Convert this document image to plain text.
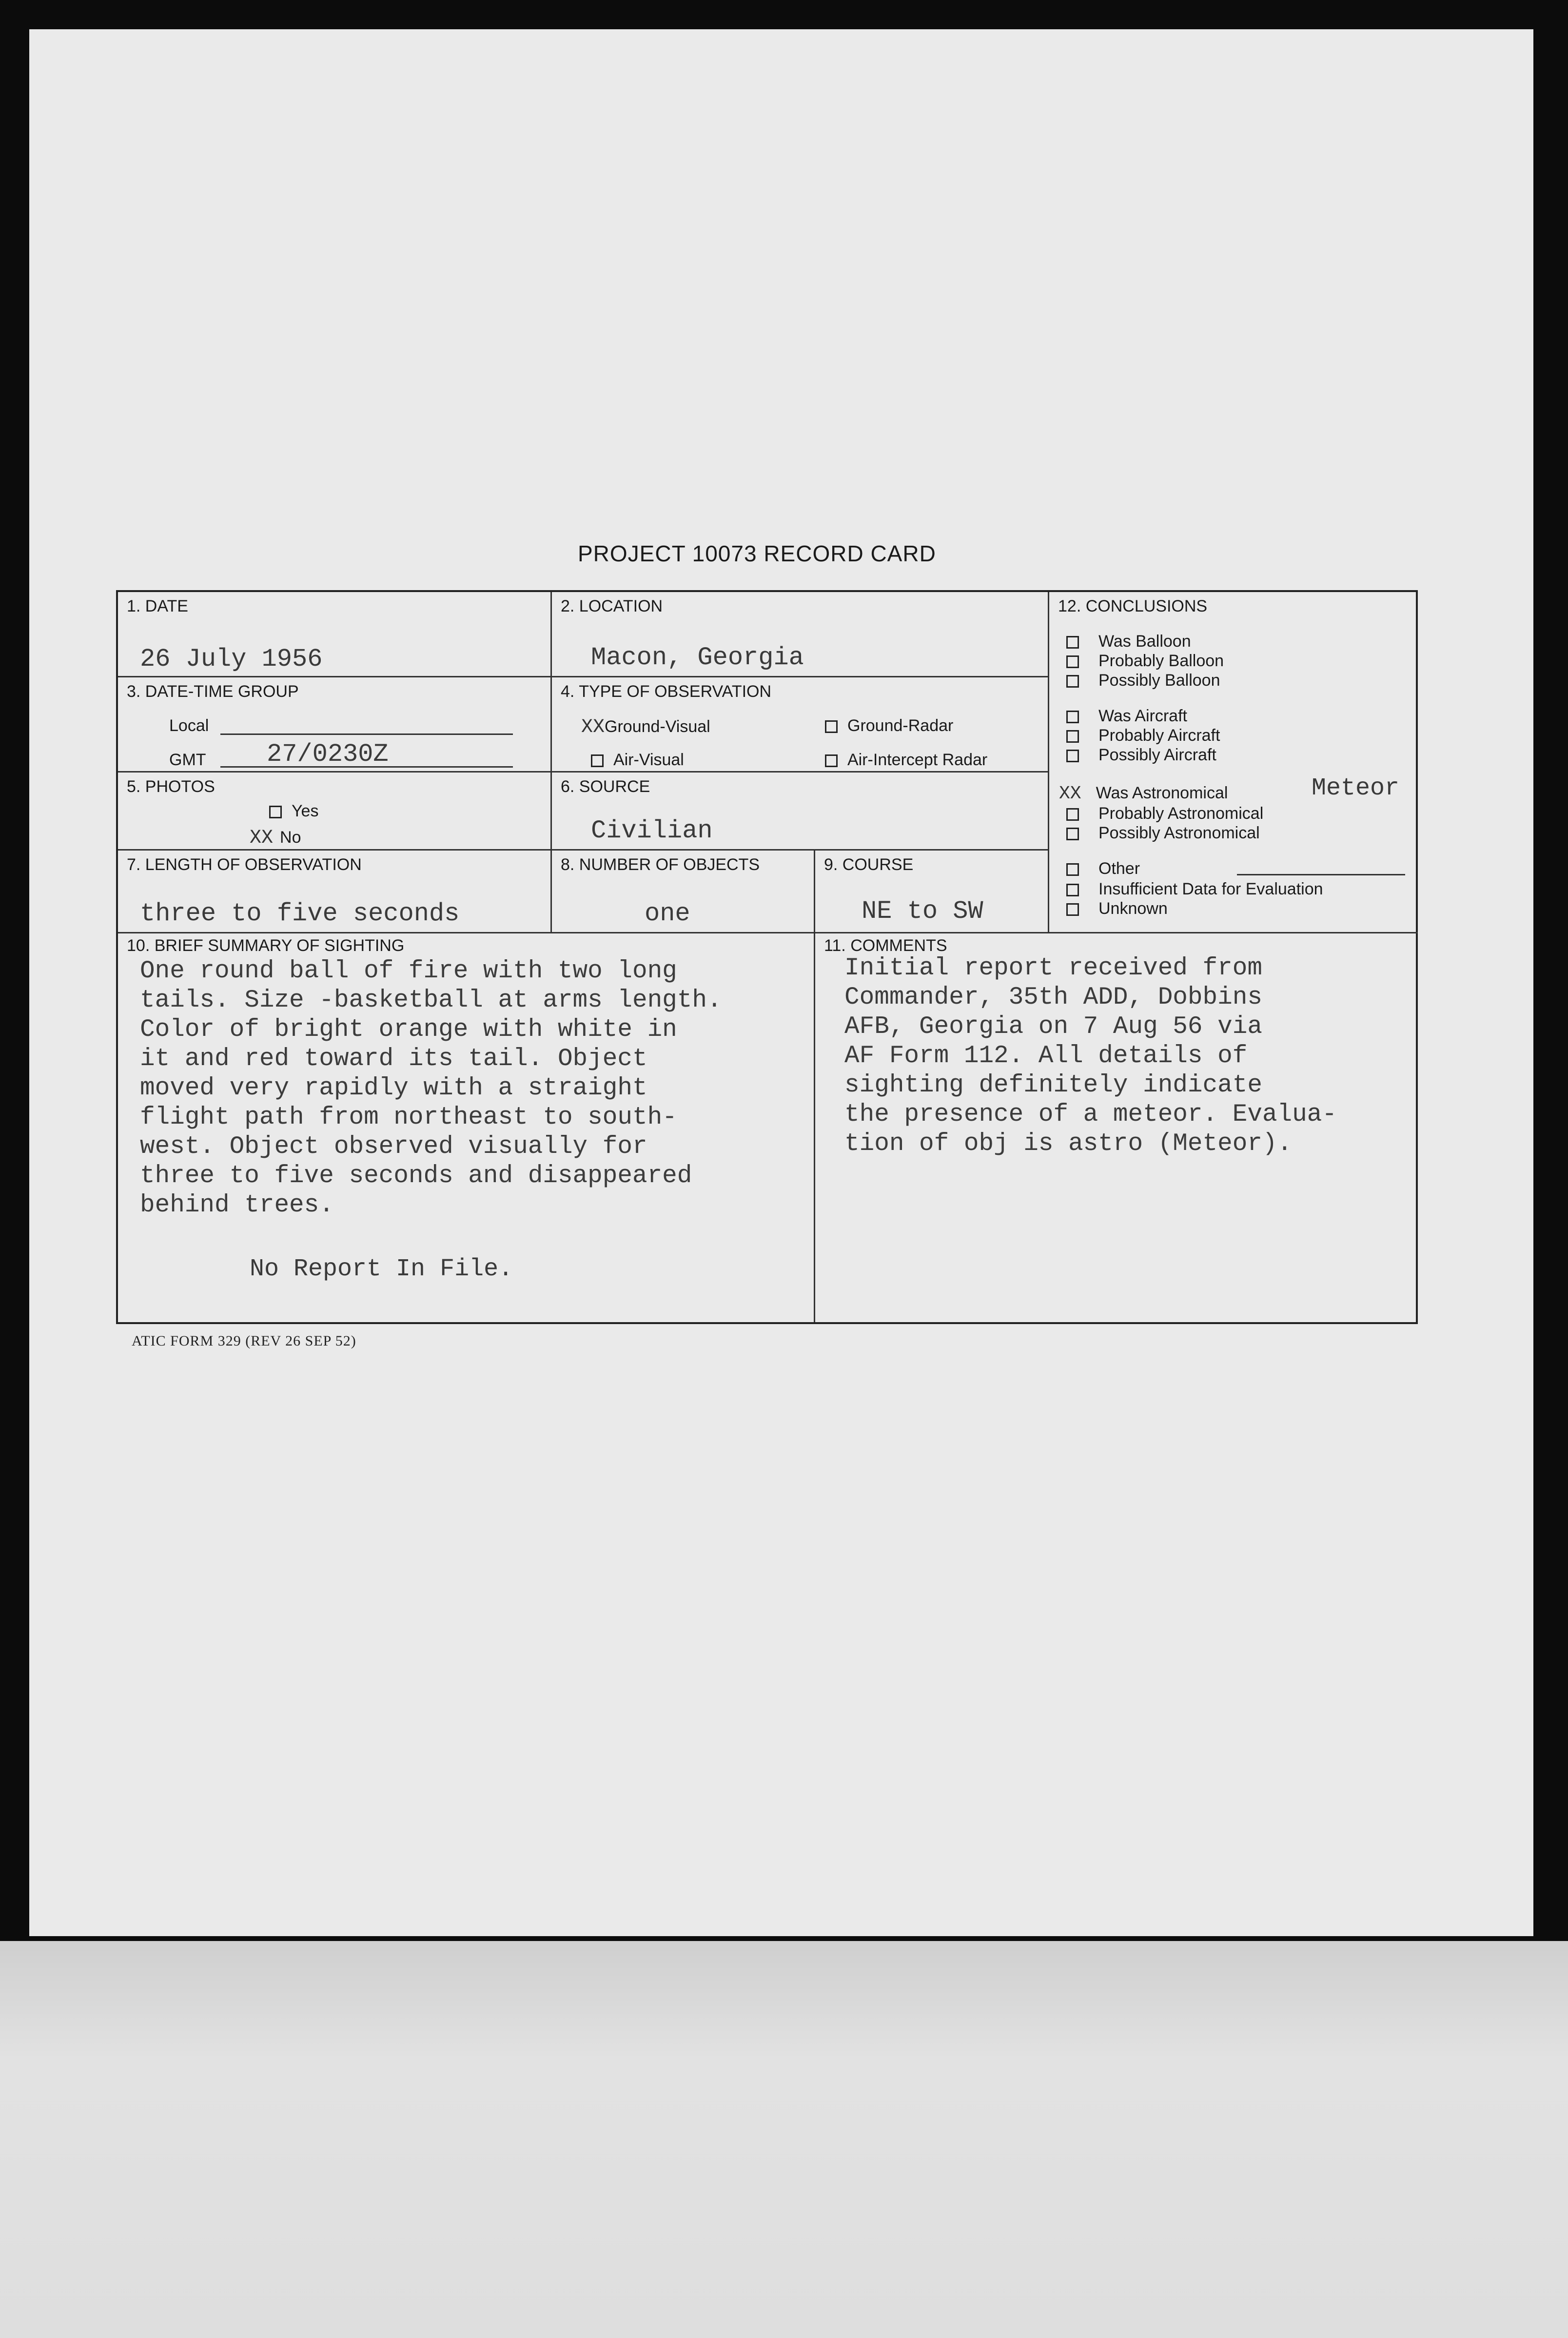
PROJECT 10073 RECORD CARD
1. DATE
26 July 1956
2. LOCATION
Macon, Georgia
3. DATE-TIME GROUP
Local
GMT 27/0230Z
4. TYPE OF OBSERVATION
XXGround-Visual	Ground-Radar
Air-Visual	Air-Intercept Radar
5. PHOTOS
Yes
XX No
6. SOURCE
Civilian
7. LENGTH OF OBSERVATION
three to five seconds
8. NUMBER OF OBJECTS
one
9. COURSE
NE to SW
12. CONCLUSIONS
Was Balloon
Probably Balloon
Possibly Balloon
Was Aircraft
Probably Aircraft
Possibly Aircraft
XX Was Astronomical	Meteor
Probably Astronomical
Possibly Astronomical
Other
Insufficient Data for Evaluation
Unknown
10. BRIEF SUMMARY OF SIGHTING
One round ball of fire with two long
tails. Size -basketball at arms length.
Color of bright orange with white in
it and red toward its tail. Object
moved very rapidly with a straight
flight path from northeast to south-
west. Object observed visually for
three to five seconds and disappeared
behind trees.
No Report In File.
11. COMMENTS
Initial report received from
Commander, 35th ADD, Dobbins
AFB, Georgia on 7 Aug 56 via
AF Form 112. All details of
sighting definitely indicate
the presence of a meteor. Evalua-
tion of obj is astro (Meteor).
ATIC FORM 329 (REV 26 SEP 52)
